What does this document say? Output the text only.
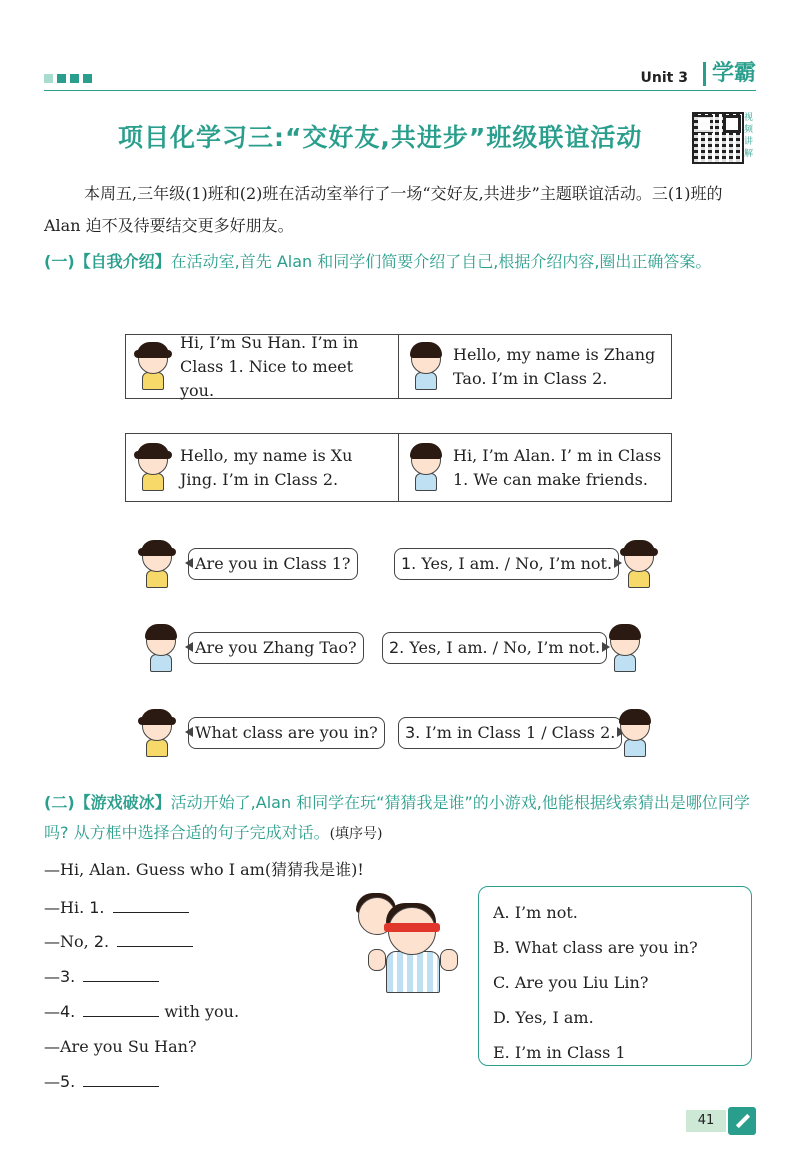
Unit 3	学霸
项目化学习三:“交好友,共进步”班级联谊活动
视频讲解
本周五,三年级(1)班和(2)班在活动室举行了一场“交好友,共进步”主题联谊活动。三(1)班的 Alan 迫不及待要结交更多好朋友。
(一)【自我介绍】在活动室,首先 Alan 和同学们简要介绍了自己,根据介绍内容,圈出正确答案。
Hi, I’m Su Han. I’m in Class 1. Nice to meet you.
Hello, my name is Zhang Tao. I’m in Class 2.
Hello, my name is Xu Jing. I’m in Class 2.
Hi, I’m Alan. I’ m in Class 1. We can make friends.
Are you in Class 1?	1. Yes, I am. / No, I’m not.
Are you Zhang Tao?	2. Yes, I am. / No, I’m not.
What class are you in?	3. I’m in Class 1 / Class 2.
(二)【游戏破冰】活动开始了,Alan 和同学在玩“猜猜我是谁”的小游戏,他能根据线索猜出是哪位同学吗? 从方框中选择合适的句子完成对话。(填序号)
—Hi, Alan. Guess who I am(猜猜我是谁)!
—Hi. 1.
—No, 2.
—3.
—4.	with you.
—Are you Su Han?
—5.
A. I’m not.
B. What class are you in?
C. Are you Liu Lin?
D. Yes, I am.
E. I’m in Class 1
41
